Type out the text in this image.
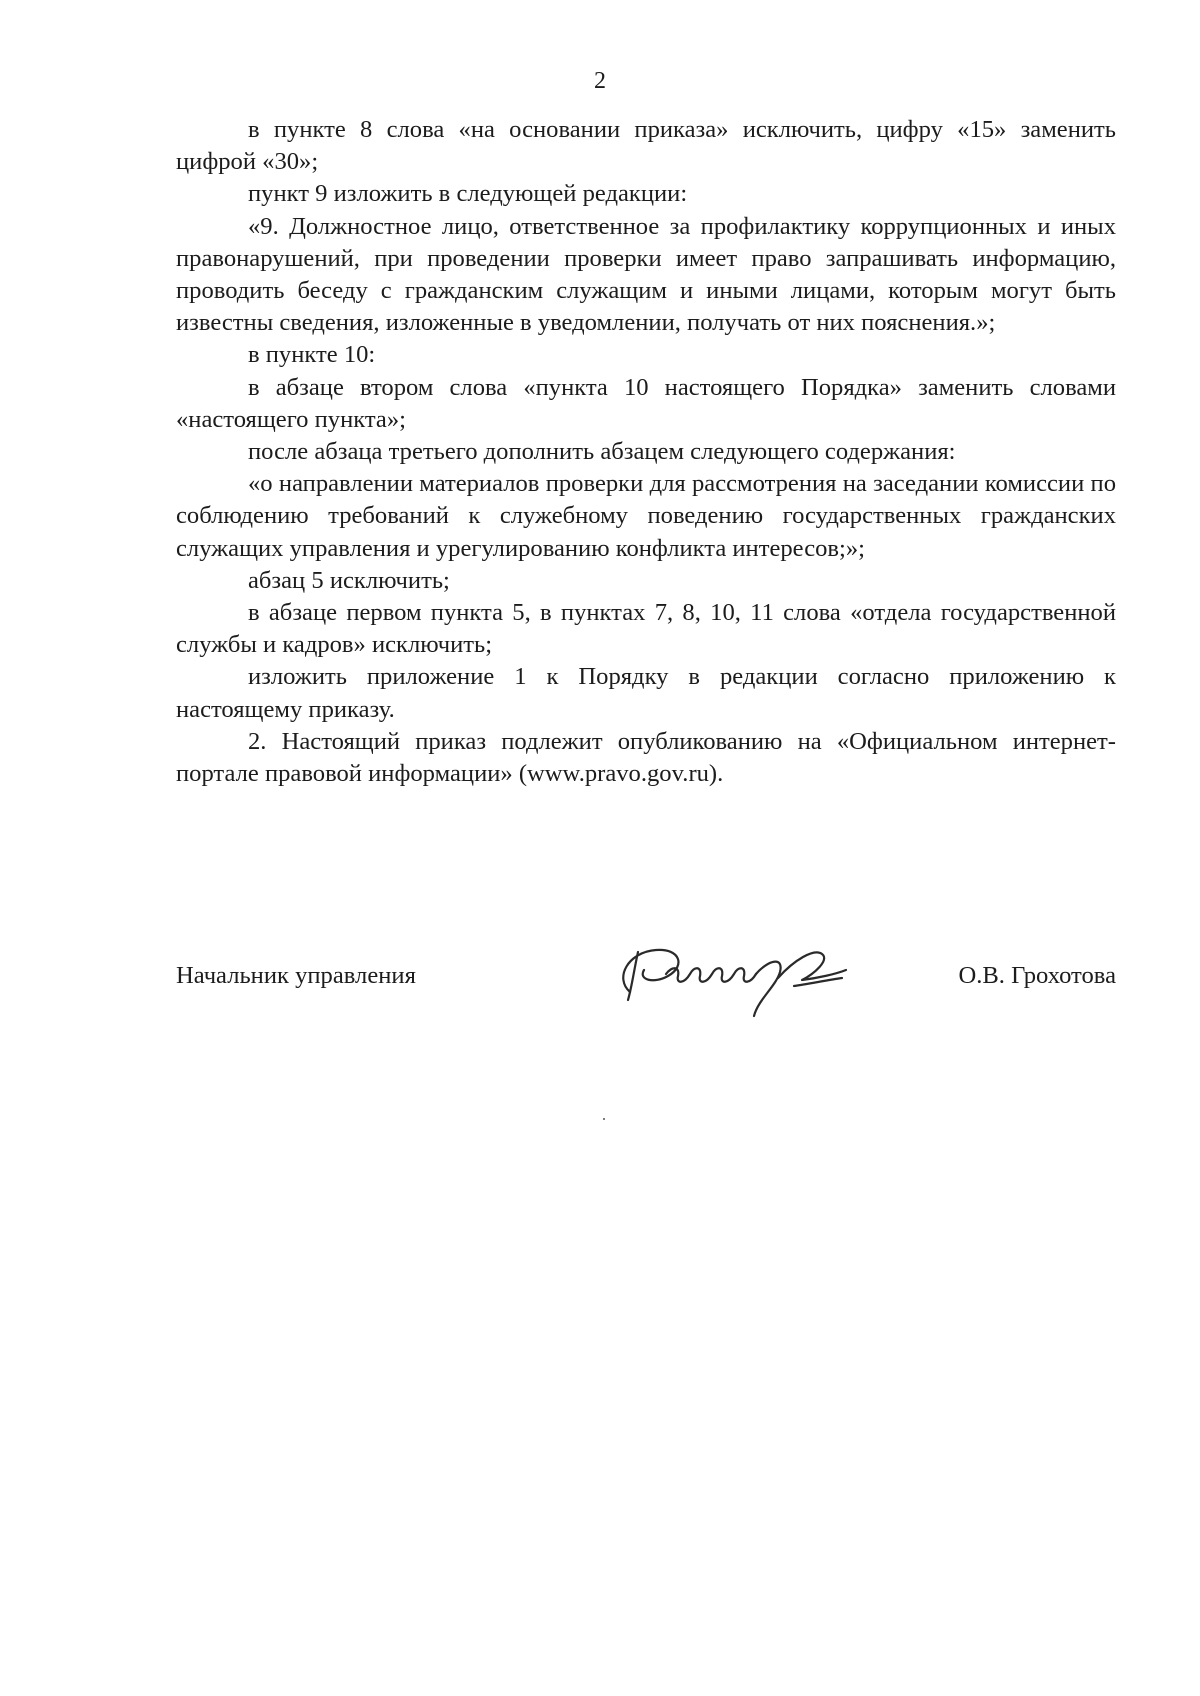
2

в пункте 8 слова «на основании приказа» исключить, цифру «15» заменить цифрой «30»;

пункт 9 изложить в следующей редакции:

«9. Должностное лицо, ответственное за профилактику коррупционных и иных правонарушений, при проведении проверки имеет право запрашивать информацию, проводить беседу с гражданским служащим и иными лицами, которым могут быть известны сведения, изложенные в уведомлении, получать от них пояснения.»;

в пункте 10:

в абзаце втором слова «пункта 10 настоящего Порядка» заменить словами «настоящего пункта»;

после абзаца третьего дополнить абзацем следующего содержания:

«о направлении материалов проверки для рассмотрения на заседании комиссии по соблюдению требований к служебному поведению государственных гражданских служащих управления и урегулированию конфликта интересов;»;

абзац 5 исключить;

в абзаце первом пункта 5, в пунктах 7, 8, 10, 11 слова «отдела государственной службы и кадров» исключить;

изложить приложение 1 к Порядку в редакции согласно приложению к настоящему приказу.

2. Настоящий приказ подлежит опубликованию на «Официальном интернет-портале правовой информации» (www.pravo.gov.ru).

Начальник управления	О.В. Грохотова
